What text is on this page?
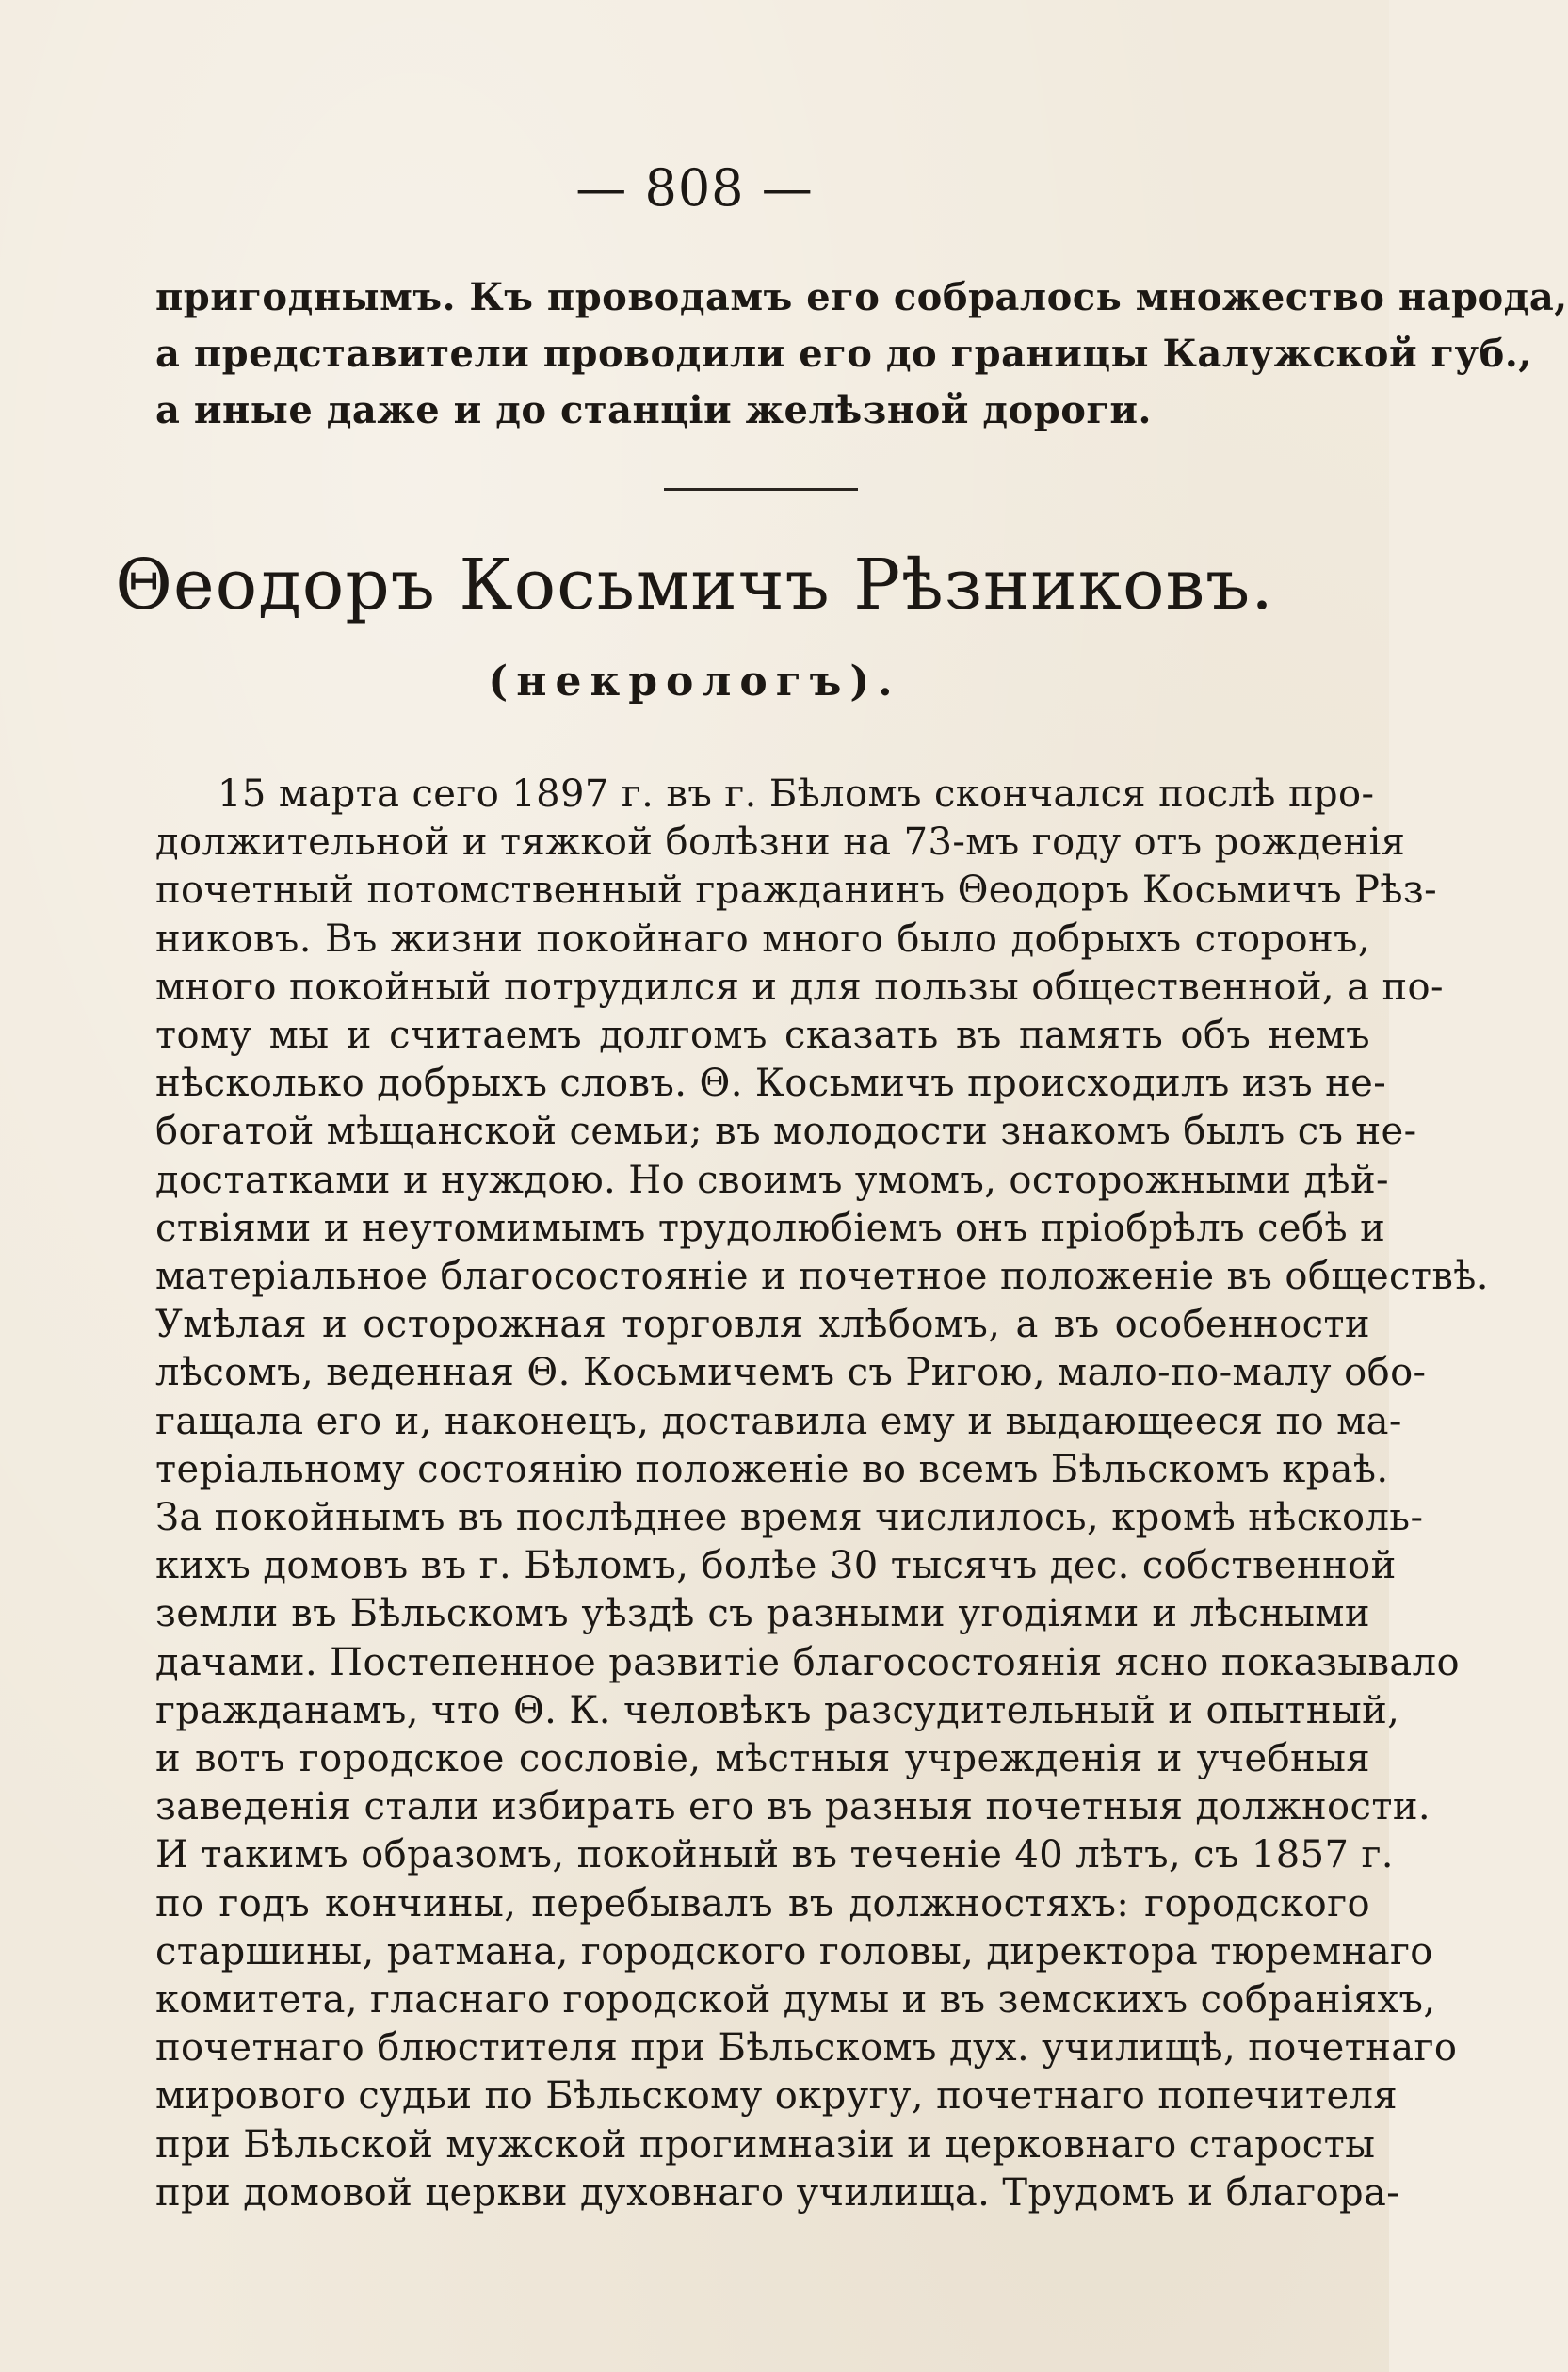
— 808 —
пригоднымъ. Къ проводамъ его собралось множество народа,
а представители проводили его до границы Калужской губ.,
а иные даже и до станціи желѣзной дороги.
Θеодоръ Косьмичъ Рѣзниковъ.
(некрологъ).
15 марта сего 1897 г. въ г. Бѣломъ скончался послѣ про-
должительной и тяжкой болѣзни на 73-мъ году отъ рожденія
почетный потомственный гражданинъ Θеодоръ Косьмичъ Рѣз-
никовъ. Въ жизни покойнаго много было добрыхъ сторонъ,
много покойный потрудился и для пользы общественной, а по-
тому мы и считаемъ долгомъ сказать въ память объ немъ
нѣсколько добрыхъ словъ. Θ. Косьмичъ происходилъ изъ не-
богатой мѣщанской семьи; въ молодости знакомъ былъ съ не-
достатками и нуждою. Но своимъ умомъ, осторожными дѣй-
ствіями и неутомимымъ трудолюбіемъ онъ пріобрѣлъ себѣ и
матеріальное благосостояніе и почетное положеніе въ обществѣ.
Умѣлая и осторожная торговля хлѣбомъ, а въ особенности
лѣсомъ, веденная Θ. Косьмичемъ съ Ригою, мало-по-малу обо-
гащала его и, наконецъ, доставила ему и выдающееся по ма-
теріальному состоянію положеніе во всемъ Бѣльскомъ краѣ.
За покойнымъ въ послѣднее время числилось, кромѣ нѣсколь-
кихъ домовъ въ г. Бѣломъ, болѣе 30 тысячъ дес. собственной
земли въ Бѣльскомъ уѣздѣ съ разными угодіями и лѣсными
дачами. Постепенное развитіе благосостоянія ясно показывало
гражданамъ, что Θ. К. человѣкъ разсудительный и опытный,
и вотъ городское сословіе, мѣстныя учрежденія и учебныя
заведенія стали избирать его въ разныя почетныя должности.
И такимъ образомъ, покойный въ теченіе 40 лѣтъ, съ 1857 г.
по годъ кончины, перебывалъ въ должностяхъ: городского
старшины, ратмана, городского головы, директора тюремнаго
комитета, гласнаго городской думы и въ земскихъ собраніяхъ,
почетнаго блюстителя при Бѣльскомъ дух. училищѣ, почетнаго
мирового судьи по Бѣльскому округу, почетнаго попечителя
при Бѣльской мужской прогимназіи и церковнаго старосты
при домовой церкви духовнаго училища. Трудомъ и благора-
